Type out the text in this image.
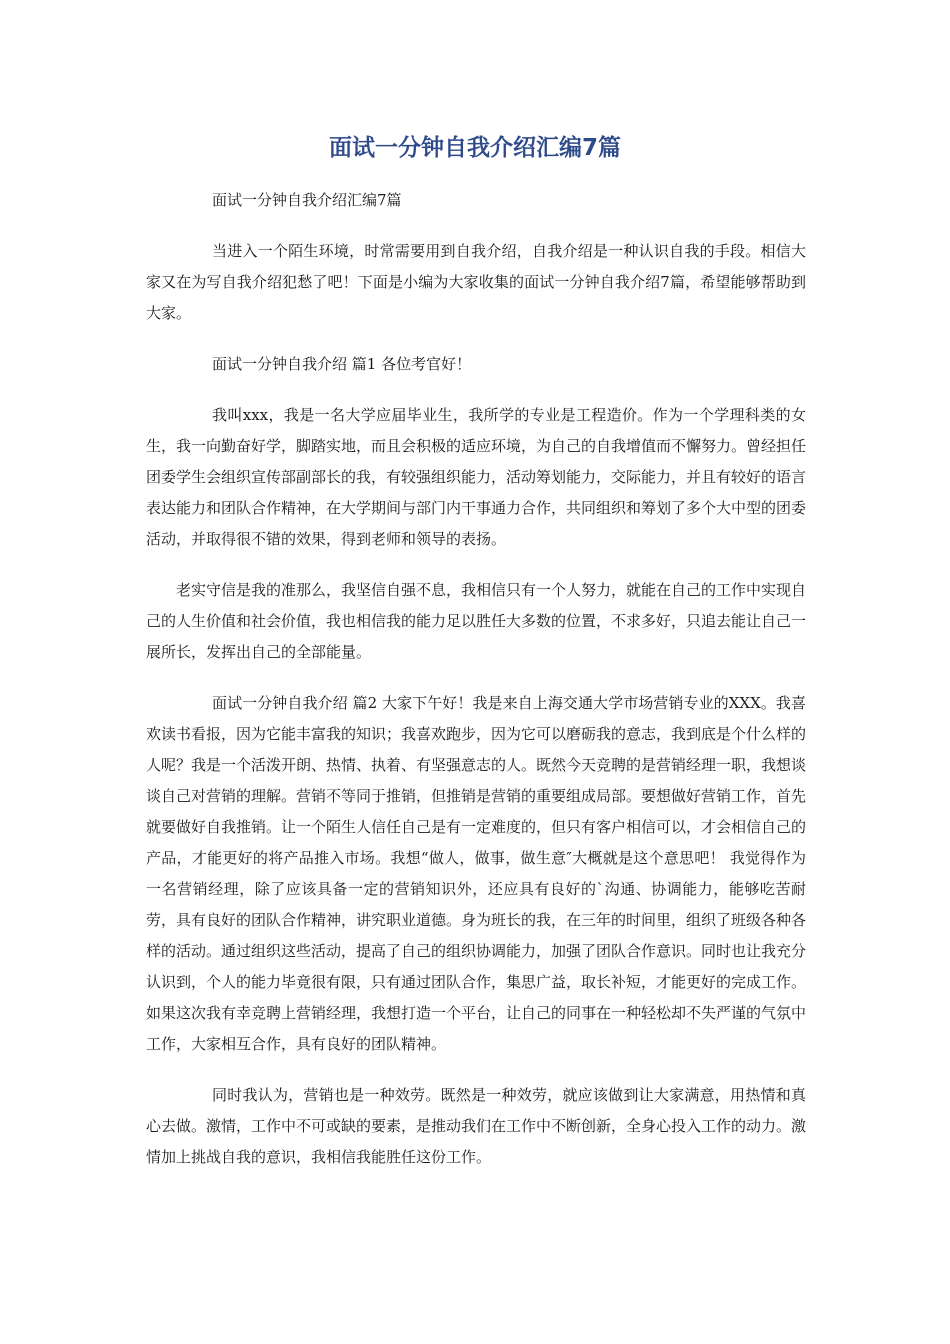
面试一分钟自我介绍汇编7篇

面试一分钟自我介绍汇编7篇

当进入一个陌生环境，时常需要用到自我介绍，自我介绍是一种认识自我的手段。相信大家又在为写自我介绍犯愁了吧！下面是小编为大家收集的面试一分钟自我介绍7篇，希望能够帮助到大家。

面试一分钟自我介绍 篇1 各位考官好！

我叫xxx，我是一名大学应届毕业生，我所学的专业是工程造价。作为一个学理科类的女生，我一向勤奋好学，脚踏实地，而且会积极的适应环境，为自己的自我增值而不懈努力。曾经担任团委学生会组织宣传部副部长的我，有较强组织能力，活动筹划能力，交际能力，并且有较好的语言表达能力和团队合作精神，在大学期间与部门内干事通力合作，共同组织和筹划了多个大中型的团委活动，并取得很不错的效果，得到老师和领导的表扬。

老实守信是我的准那么，我坚信自强不息，我相信只有一个人努力，就能在自己的工作中实现自己的人生价值和社会价值，我也相信我的能力足以胜任大多数的位置，不求多好，只追去能让自己一展所长，发挥出自己的全部能量。

面试一分钟自我介绍 篇2 大家下午好！我是来自上海交通大学市场营销专业的XXX。我喜欢读书看报，因为它能丰富我的知识；我喜欢跑步，因为它可以磨砺我的意志，我到底是个什么样的人呢？我是一个活泼开朗、热情、执着、有坚强意志的人。既然今天竞聘的是营销经理一职，我想谈谈自己对营销的理解。营销不等同于推销，但推销是营销的重要组成局部。要想做好营销工作，首先就要做好自我推销。让一个陌生人信任自己是有一定难度的，但只有客户相信可以，才会相信自己的产品，才能更好的将产品推入市场。我想“做人，做事，做生意″大概就是这个意思吧！ 我觉得作为一名营销经理，除了应该具备一定的营销知识外，还应具有良好的`沟通、协调能力，能够吃苦耐劳，具有良好的团队合作精神，讲究职业道德。身为班长的我，在三年的时间里，组织了班级各种各样的活动。通过组织这些活动，提高了自己的组织协调能力，加强了团队合作意识。同时也让我充分认识到，个人的能力毕竟很有限，只有通过团队合作，集思广益，取长补短，才能更好的完成工作。如果这次我有幸竞聘上营销经理，我想打造一个平台，让自己的同事在一种轻松却不失严谨的气氛中工作，大家相互合作，具有良好的团队精神。

同时我认为，营销也是一种效劳。既然是一种效劳，就应该做到让大家满意，用热情和真心去做。激情，工作中不可或缺的要素，是推动我们在工作中不断创新，全身心投入工作的动力。激情加上挑战自我的意识，我相信我能胜任这份工作。
